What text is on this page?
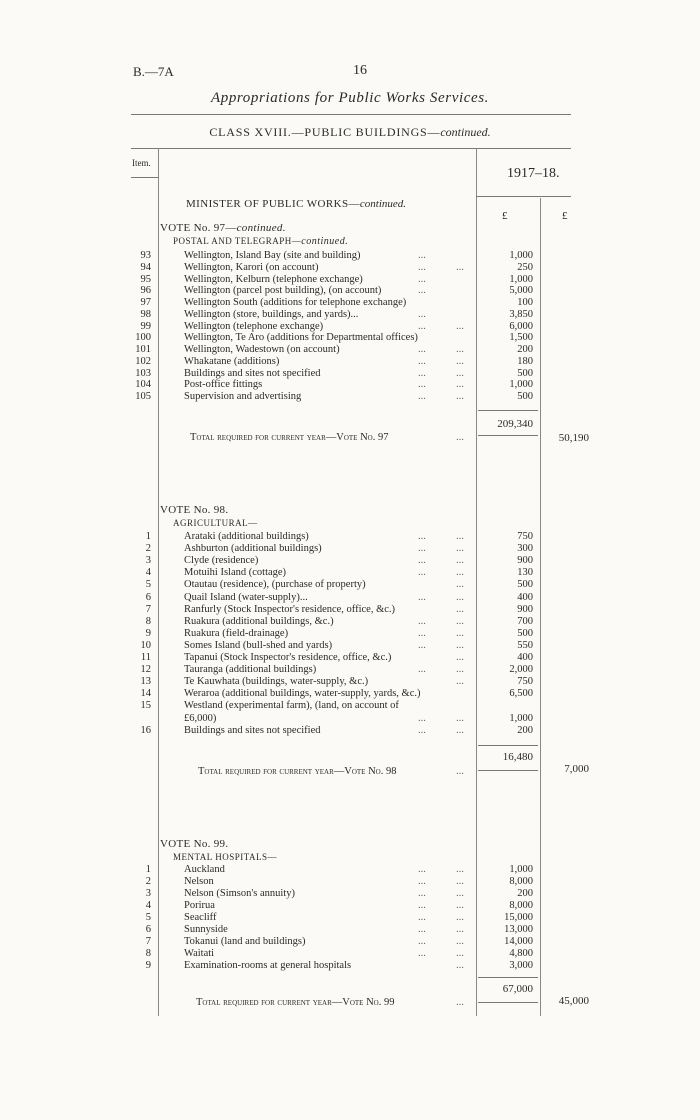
B.—7A	16
Appropriations for Public Works Services.
CLASS XVIII.—PUBLIC BUILDINGS—continued.
Item.
1917–18.
£	£
MINISTER OF PUBLIC WORKS—continued.
VOTE No. 97—continued.
POSTAL AND TELEGRAPH—continued.
93	Wellington, Island Bay (site and building)	...	1,000
94	Wellington, Karori (on account)	...	...	250
95	Wellington, Kelburn (telephone exchange)	...	1,000
96	Wellington (parcel post building), (on account)	...	5,000
97	Wellington South (additions for telephone exchange)	100
98	Wellington (store, buildings, and yards)...	...	3,850
99	Wellington (telephone exchange)	...	...	6,000
100	Wellington, Te Aro (additions for Departmental offices)	1,500
101	Wellington, Wadestown (on account)	...	...	200
102	Whakatane (additions)	...	...	180
103	Buildings and sites not specified	...	...	500
104	Post-office fittings	...	...	1,000
105	Supervision and advertising	...	...	500
209,340
Total required for current year—Vote No. 97	...	50,190
VOTE No. 98.
AGRICULTURAL—
1	Arataki (additional buildings)	...	...	750
2	Ashburton (additional buildings)	...	...	300
3	Clyde (residence)	...	...	900
4	Motuihi Island (cottage)	...	...	130
5	Otautau (residence), (purchase of property)	...	500
6	Quail Island (water-supply)...	...	...	400
7	Ranfurly (Stock Inspector's residence, office, &c.)	...	900
8	Ruakura (additional buildings, &c.)	...	...	700
9	Ruakura (field-drainage)	...	...	500
10	Somes Island (bull-shed and yards)	...	...	550
11	Tapanui (Stock Inspector's residence, office, &c.)	...	400
12	Tauranga (additional buildings)	...	...	2,000
13	Te Kauwhata (buildings, water-supply, &c.)	...	750
14	Weraroa (additional buildings, water-supply, yards, &c.)	6,500
15	Westland (experimental farm), (land, on account of
£6,000)	...	...	1,000
16	Buildings and sites not specified	...	...	200
16,480
Total required for current year—Vote No. 98	...	7,000
VOTE No. 99.
MENTAL HOSPITALS—
1	Auckland	...	...	1,000
2	Nelson	...	...	8,000
3	Nelson (Simson's annuity)	...	...	200
4	Porirua	...	...	8,000
5	Seacliff	...	...	15,000
6	Sunnyside	...	...	13,000
7	Tokanui (land and buildings)	...	...	14,000
8	Waitati	...	...	4,800
9	Examination-rooms at general hospitals	...	3,000
67,000
Total required for current year—Vote No. 99	...	45,000
